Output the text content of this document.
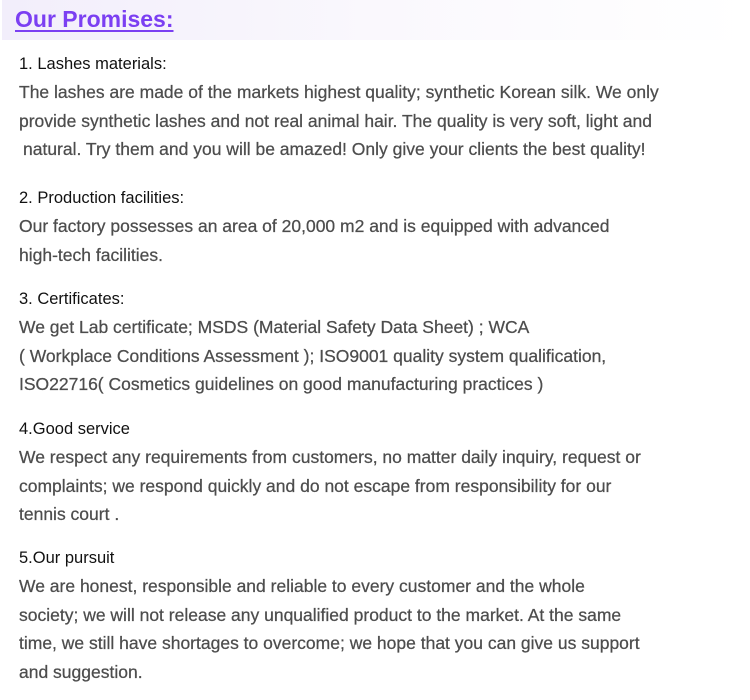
Our Promises:
1. Lashes materials:
The lashes are made of the markets highest quality; synthetic Korean silk. We only
provide synthetic lashes and not real animal hair. The quality is very soft, light and
natural. Try them and you will be amazed! Only give your clients the best quality!
2. Production facilities:
Our factory possesses an area of 20,000 m2 and is equipped with advanced
high-tech facilities.
3. Certificates:
We get Lab certificate; MSDS (Material Safety Data Sheet) ; WCA
( Workplace Conditions Assessment ); ISO9001 quality system qualification,
ISO22716( Cosmetics guidelines on good manufacturing practices )
4.Good service
We respect any requirements from customers, no matter daily inquiry, request or
complaints; we respond quickly and do not escape from responsibility for our
tennis court .
5.Our pursuit
We are honest, responsible and reliable to every customer and the whole
society; we will not release any unqualified product to the market. At the same
time, we still have shortages to overcome; we hope that you can give us support
and suggestion.
